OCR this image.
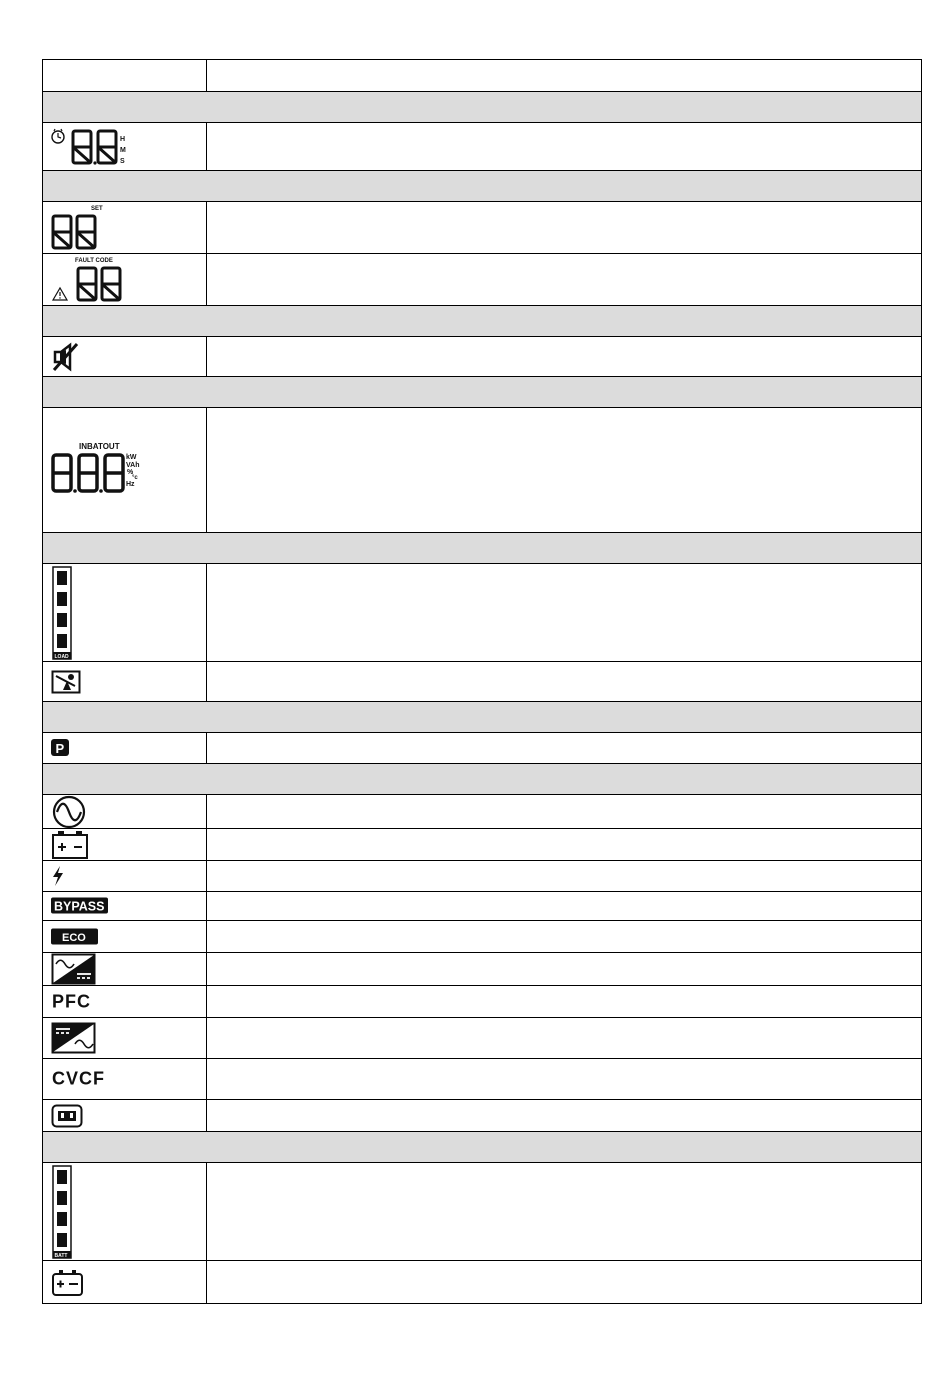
H
M
S
SET
FAULT CODE
INBATOUT
kW
VAh
%
°c
Hz
LOAD
P
BYPASS
ECO
PFC
CVCF
BATT
